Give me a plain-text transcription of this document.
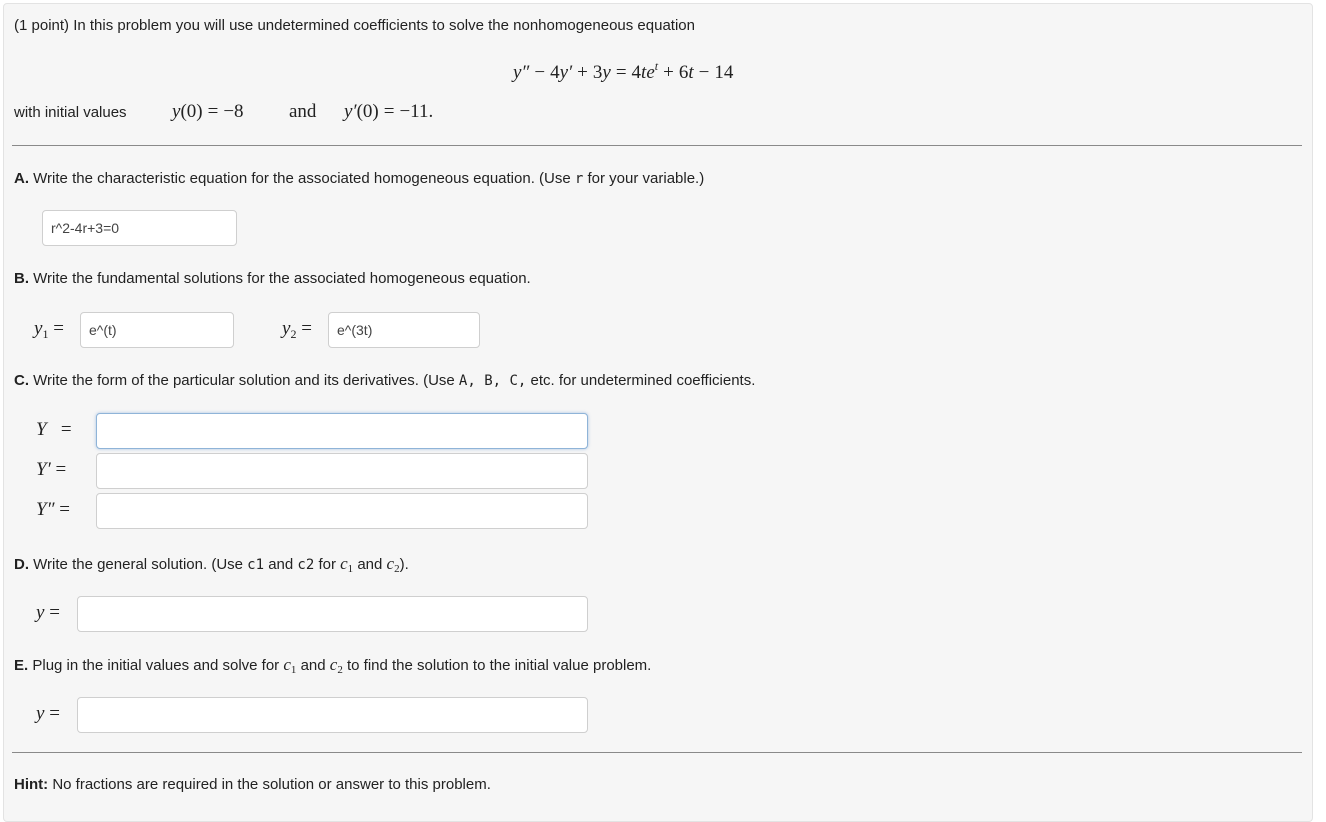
(1 point) In this problem you will use undetermined coefficients to solve the nonhomogeneous equation
$y'' - 4y' + 3y = 4te^t + 6t - 14$
with initial values y(0) = −8 and y′(0) = −11.
A. Write the characteristic equation for the associated homogeneous equation. (Use r for your variable.)
r^2-4r+3=0
B. Write the fundamental solutions for the associated homogeneous equation.
$y_1$ =
e^(t)	$y_2$ =
e^(3t)
C. Write the form of the particular solution and its derivatives. (Use A, B, C, etc. for undetermined coefficients.
Y   =
Y′ =
Y″ =
D. Write the general solution. (Use c1 and c2 for $c_1$ and $c_2$).
y =
E. Plug in the initial values and solve for $c_1$ and $c_2$ to find the solution to the initial value problem.
y =
Hint: No fractions are required in the solution or answer to this problem.
